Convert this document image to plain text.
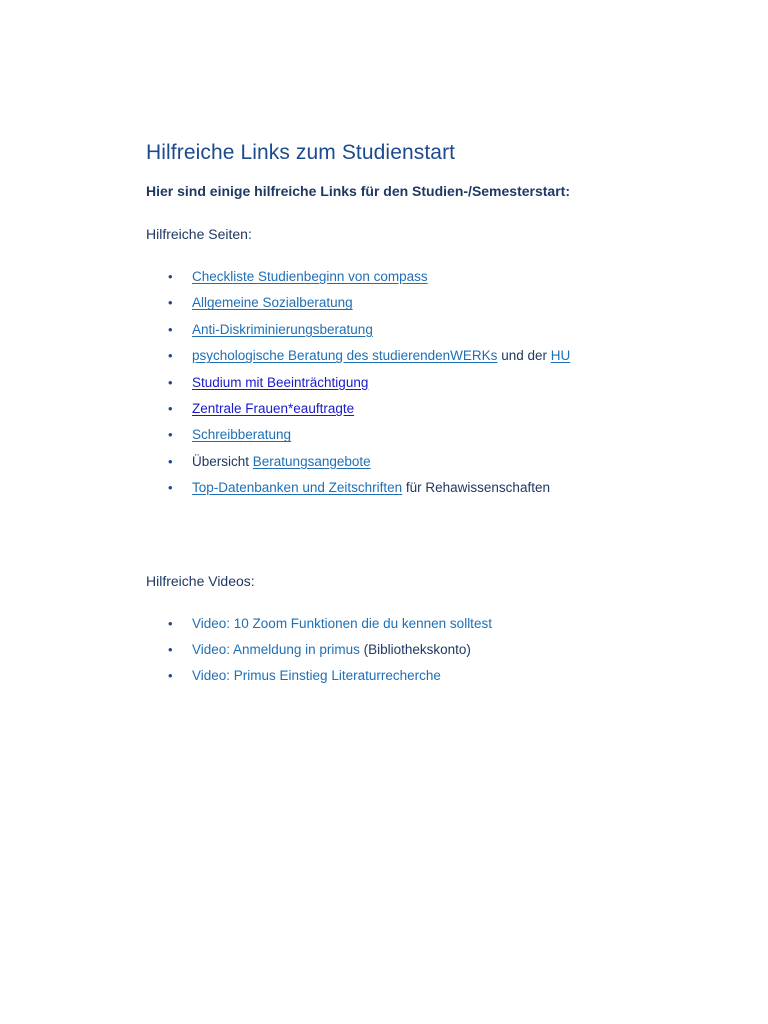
Hilfreiche Links zum Studienstart
Hier sind einige hilfreiche Links für den Studien-/Semesterstart:
Hilfreiche Seiten:
• Checkliste Studienbeginn von compass
• Allgemeine Sozialberatung
• Anti-Diskriminierungsberatung
• psychologische Beratung des studierendenWERKs und der HU
• Studium mit Beeinträchtigung
• Zentrale Frauen*eauftragte
• Schreibberatung
• Übersicht Beratungsangebote
• Top-Datenbanken und Zeitschriften für Rehawissenschaften
Hilfreiche Videos:
• Video: 10 Zoom Funktionen die du kennen solltest
• Video: Anmeldung in primus (Bibliothekskonto)
• Video: Primus Einstieg Literaturrecherche
